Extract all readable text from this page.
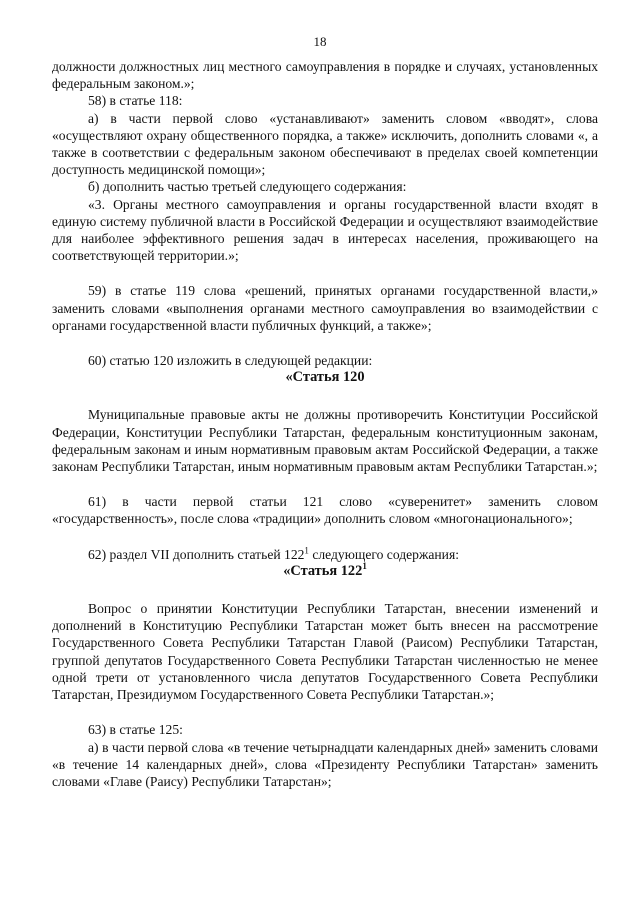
18

должности должностных лиц местного самоуправления в порядке и случаях, установленных федеральным законом.»;

58) в статье 118:

а) в части первой слово «устанавливают» заменить словом «вводят», слова «осуществляют охрану общественного порядка, а также» исключить, дополнить словами «, а также в соответствии с федеральным законом обеспечивают в пределах своей компетенции доступность медицинской помощи»;

б) дополнить частью третьей следующего содержания:

«3. Органы местного самоуправления и органы государственной власти входят в единую систему публичной власти в Российской Федерации и осуществляют взаимодействие для наиболее эффективного решения задач в интересах населения, проживающего на соответствующей территории.»;

59) в статье 119 слова «решений, принятых органами государственной власти,» заменить словами «выполнения органами местного самоуправления во взаимодействии с органами государственной власти публичных функций, а также»;

60) статью 120 изложить в следующей редакции:

«Статья 120

Муниципальные правовые акты не должны противоречить Конституции Российской Федерации, Конституции Республики Татарстан, федеральным конституционным законам, федеральным законам и иным нормативным правовым актам Российской Федерации, а также законам Республики Татарстан, иным нормативным правовым актам Республики Татарстан.»;

61) в части первой статьи 121 слово «суверенитет» заменить словом «государственность», после слова «традиции» дополнить словом «многонационального»;

62) раздел VII дополнить статьей $122^1$ следующего содержания:

«Статья $122^1$

Вопрос о принятии Конституции Республики Татарстан, внесении изменений и дополнений в Конституцию Республики Татарстан может быть внесен на рассмотрение Государственного Совета Республики Татарстан Главой (Раисом) Республики Татарстан, группой депутатов Государственного Совета Республики Татарстан численностью не менее одной трети от установленного числа депутатов Государственного Совета Республики Татарстан, Президиумом Государственного Совета Республики Татарстан.»;

63) в статье 125:

а) в части первой слова «в течение четырнадцати календарных дней» заменить словами «в течение 14 календарных дней», слова «Президенту Республики Татарстан» заменить словами «Главе (Раису) Республики Татарстан»;
